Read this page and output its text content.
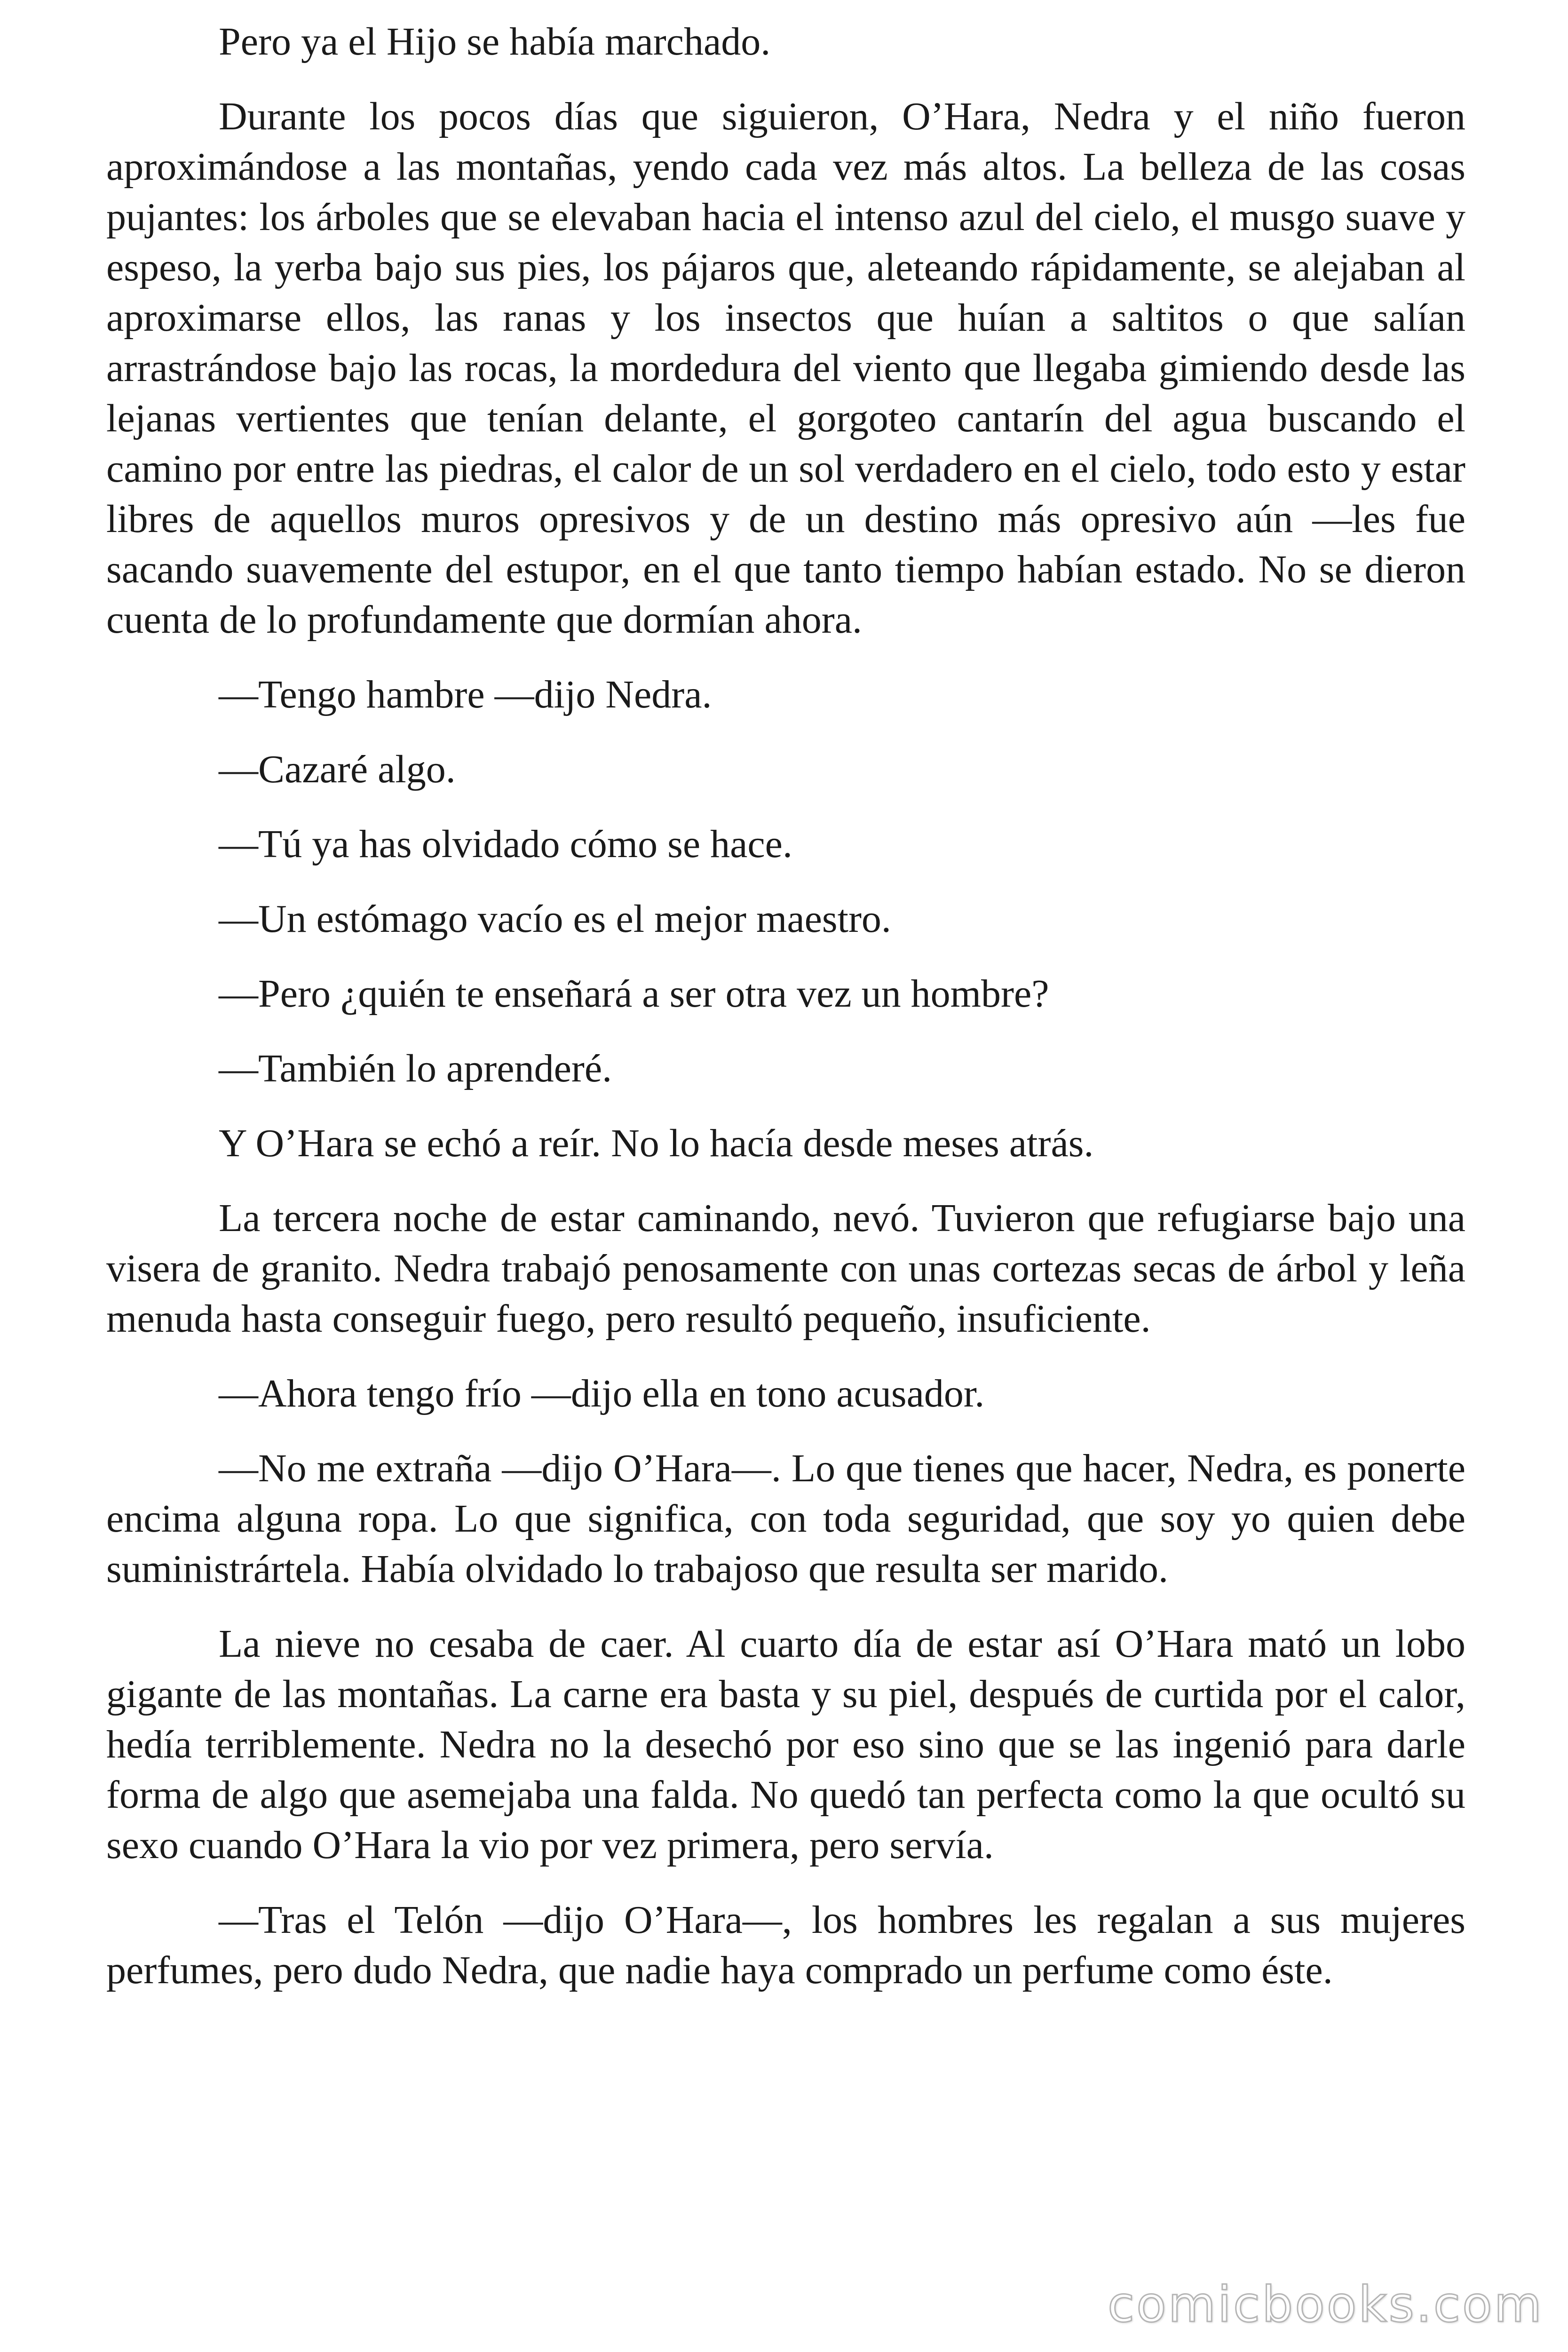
Pero ya el Hijo se había marchado.

Durante los pocos días que siguieron, O’Hara, Nedra y el niño fueron aproximándose a las montañas, yendo cada vez más altos. La belleza de las cosas pujantes: los árboles que se elevaban hacia el intenso azul del cielo, el musgo suave y espeso, la yerba bajo sus pies, los pájaros que, aleteando rápidamente, se alejaban al aproximarse ellos, las ranas y los insectos que huían a saltitos o que salían arrastrándose bajo las rocas, la mordedura del viento que llegaba gimiendo desde las lejanas vertientes que tenían delante, el gorgoteo cantarín del agua buscando el camino por entre las piedras, el calor de un sol verdadero en el cielo, todo esto y estar libres de aquellos muros opresivos y de un destino más opresivo aún —les fue sacando suavemente del estupor, en el que tanto tiempo habían estado. No se dieron cuenta de lo profundamente que dormían ahora.

—Tengo hambre —dijo Nedra.

—Cazaré algo.

—Tú ya has olvidado cómo se hace.

—Un estómago vacío es el mejor maestro.

—Pero ¿quién te enseñará a ser otra vez un hombre?

—También lo aprenderé.

Y O’Hara se echó a reír. No lo hacía desde meses atrás.

La tercera noche de estar caminando, nevó. Tuvieron que refugiarse bajo una visera de granito. Nedra trabajó penosamente con unas cortezas secas de árbol y leña menuda hasta conseguir fuego, pero resultó pequeño, insuficiente.

—Ahora tengo frío —dijo ella en tono acusador.

—No me extraña —dijo O’Hara—. Lo que tienes que hacer, Nedra, es ponerte encima alguna ropa. Lo que significa, con toda seguridad, que soy yo quien debe suministrártela. Había olvidado lo trabajoso que resulta ser marido.

La nieve no cesaba de caer. Al cuarto día de estar así O’Hara mató un lobo gigante de las montañas. La carne era basta y su piel, después de curtida por el calor, hedía terriblemente. Nedra no la desechó por eso sino que se las ingenió para darle forma de algo que asemejaba una falda. No quedó tan perfecta como la que ocultó su sexo cuando O’Hara la vio por vez primera, pero servía.

—Tras el Telón —dijo O’Hara—, los hombres les regalan a sus mujeres perfumes, pero dudo Nedra, que nadie haya comprado un perfume como éste.

comicbooks.com
